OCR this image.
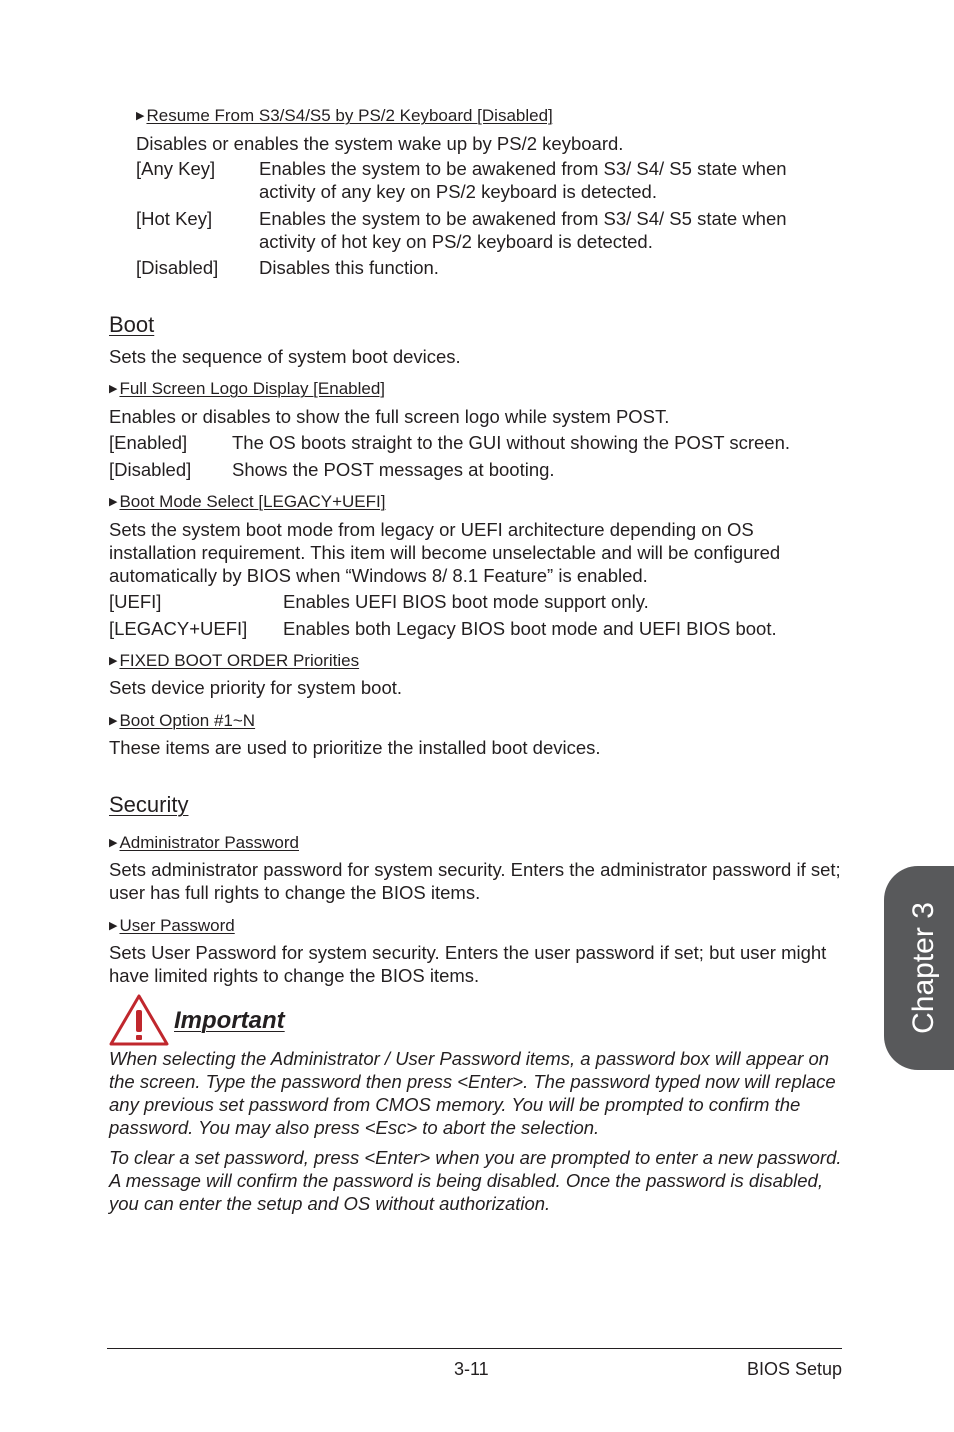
▶ Resume From S3/S4/S5 by PS/2 Keyboard [Disabled]
Disables or enables the system wake up by PS/2 keyboard.
[Any Key] Enables the system to be awakened from S3/ S4/ S5 state when activity of any key on PS/2 keyboard is detected.
[Hot Key]	Enables the system to be awakened from S3/ S4/ S5 state when activity of hot key on PS/2 keyboard is detected.
[Disabled] Disables this function.
Boot
Sets the sequence of system boot devices.
▶ Full Screen Logo Display [Enabled]
Enables or disables to show the full screen logo while system POST.
[Enabled] The OS boots straight to the GUI without showing the POST screen.
[Disabled] Shows the POST messages at booting.
▶ Boot Mode Select [LEGACY+UEFI]
Sets the system boot mode from legacy or UEFI architecture depending on OS installation requirement. This item will become unselectable and will be configured automatically by BIOS when “Windows 8/ 8.1 Feature” is enabled.
[UEFI]	Enables UEFI BIOS boot mode support only.
[LEGACY+UEFI] Enables both Legacy BIOS boot mode and UEFI BIOS boot.
▶ FIXED BOOT ORDER Priorities
Sets device priority for system boot.
▶ Boot Option #1~N
These items are used to prioritize the installed boot devices.
Security
▶ Administrator Password
Sets administrator password for system security. Enters the administrator password if set; user has full rights to change the BIOS items.
▶ User Password
Sets User Password for system security. Enters the user password if set; but user might have limited rights to change the BIOS items.
Important
When selecting the Administrator / User Password items, a password box will appear on the screen. Type the password then press <Enter>. The password typed now will replace any previous set password from CMOS memory. You will be prompted to confirm the password. You may also press <Esc> to abort the selection.
To clear a set password, press <Enter> when you are prompted to enter a new password. A message will confirm the password is being disabled. Once the password is disabled, you can enter the setup and OS without authorization.
Chapter 3
3-11	BIOS Setup
